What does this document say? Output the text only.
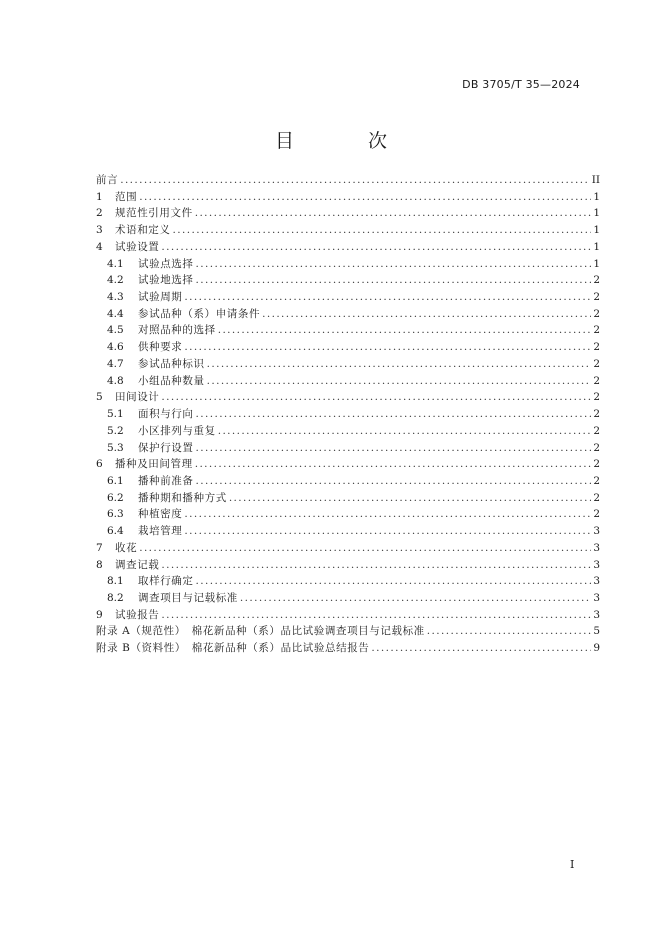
DB 3705/T 35—2024
目 次
前言 .....	II
1	范围 .....	1
2	规范性引用文件 .....	1
3	术语和定义 .....	1
4	试验设置 .....	1
4.1	试验点选择 .....	1
4.2	试验地选择 .....	2
4.3	试验周期 .....	2
4.4	参试品种（系）申请条件 .....	2
4.5	对照品种的选择 .....	2
4.6	供种要求 .....	2
4.7	参试品种标识 .....	2
4.8	小组品种数量 .....	2
5	田间设计 .....	2
5.1	面积与行向 .....	2
5.2	小区排列与重复 .....	2
5.3	保护行设置 .....	2
6	播种及田间管理 .....	2
6.1	播种前准备 .....	2
6.2	播种期和播种方式 .....	2
6.3	种植密度 .....	2
6.4	栽培管理 .....	3
7	收花 .....	3
8	调查记载 .....	3
8.1	取样行确定 .....	3
8.2	调查项目与记载标准 .....	3
9	试验报告 .....	3
附录 A（规范性）　棉花新品种（系）品比试验调查项目与记载标准 .....	5
附录 B（资料性）　棉花新品种（系）品比试验总结报告 .....	9
I
